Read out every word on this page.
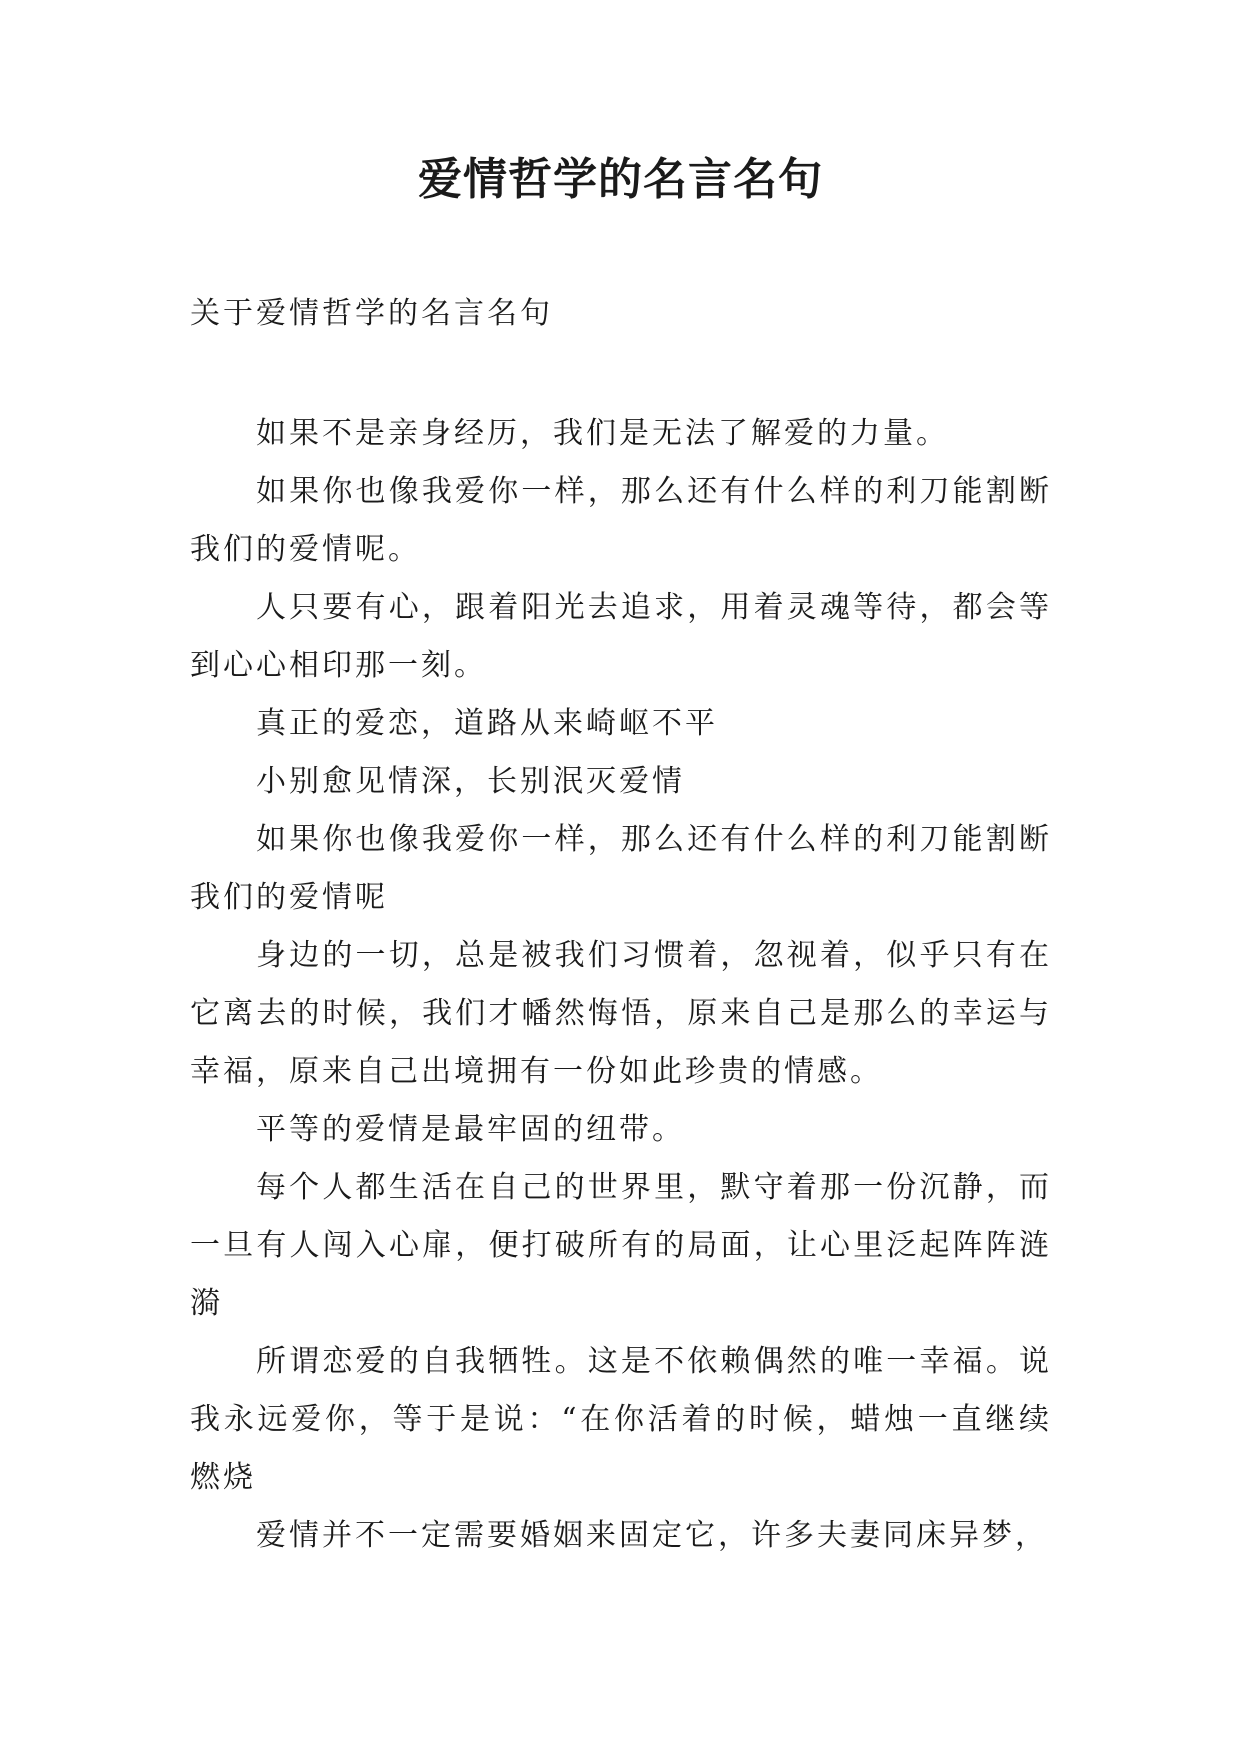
爱情哲学的名言名句

关于爱情哲学的名言名句

如果不是亲身经历，我们是无法了解爱的力量。

如果你也像我爱你一样，那么还有什么样的利刀能割断我们的爱情呢。

人只要有心，跟着阳光去追求，用着灵魂等待，都会等到心心相印那一刻。

真正的爱恋，道路从来崎岖不平

小别愈见情深，长别泯灭爱情

如果你也像我爱你一样，那么还有什么样的利刀能割断我们的爱情呢

身边的一切，总是被我们习惯着，忽视着，似乎只有在它离去的时候，我们才幡然悔悟，原来自己是那么的幸运与幸福，原来自己出境拥有一份如此珍贵的情感。

平等的爱情是最牢固的纽带。

每个人都生活在自己的世界里，默守着那一份沉静，而一旦有人闯入心扉，便打破所有的局面，让心里泛起阵阵涟漪

所谓恋爱的自我牺牲。这是不依赖偶然的唯一幸福。说我永远爱你，等于是说：“在你活着的时候，蜡烛一直继续燃烧

爱情并不一定需要婚姻来固定它，许多夫妻同床异梦，
